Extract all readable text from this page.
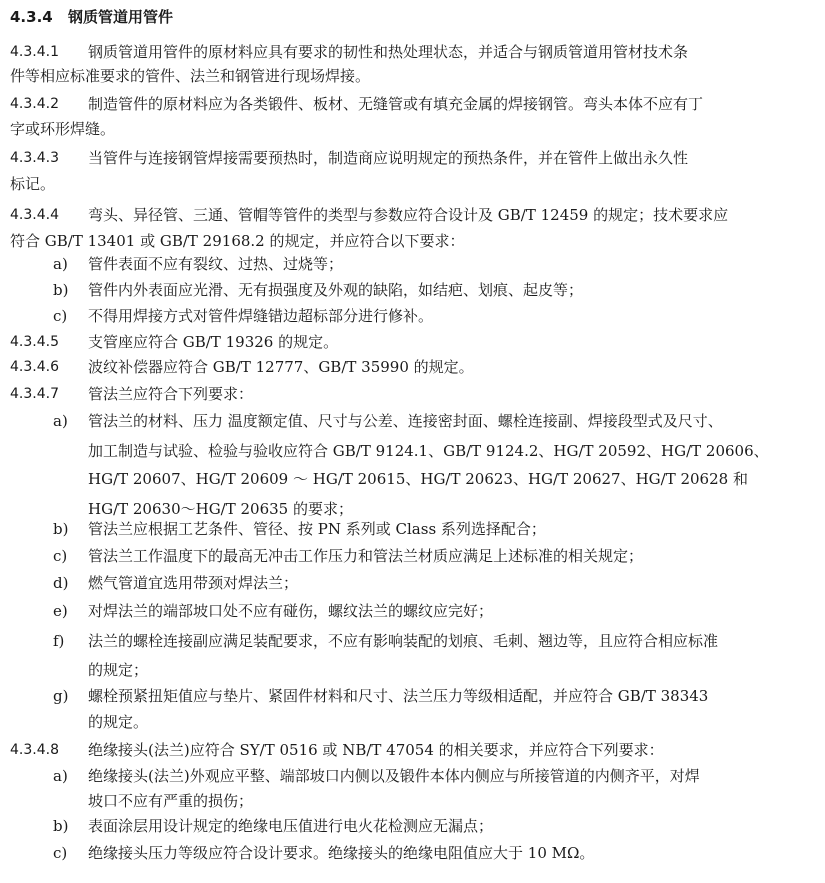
4.3.4 钢质管道用管件
4.3.4.1 钢质管道用管件的原材料应具有要求的韧性和热处理状态，并适合与钢质管道用管材技术条
件等相应标准要求的管件、法兰和钢管进行现场焊接。
4.3.4.2 制造管件的原材料应为各类锻件、板材、无缝管或有填充金属的焊接钢管。弯头本体不应有丁
字或环形焊缝。
4.3.4.3 当管件与连接钢管焊接需要预热时，制造商应说明规定的预热条件，并在管件上做出永久性
标记。
4.3.4.4 弯头、异径管、三通、管帽等管件的类型与参数应符合设计及 GB/T 12459 的规定；技术要求应
符合 GB/T 13401 或 GB/T 29168.2 的规定，并应符合以下要求：
a) 管件表面不应有裂纹、过热、过烧等；
b) 管件内外表面应光滑、无有损强度及外观的缺陷，如结疤、划痕、起皮等；
c) 不得用焊接方式对管件焊缝错边超标部分进行修补。
4.3.4.5 支管座应符合 GB/T 19326 的规定。
4.3.4.6 波纹补偿器应符合 GB/T 12777、GB/T 35990 的规定。
4.3.4.7 管法兰应符合下列要求：
a) 管法兰的材料、压力 温度额定值、尺寸与公差、连接密封面、螺栓连接副、焊接段型式及尺寸、
加工制造与试验、检验与验收应符合 GB/T 9124.1、GB/T 9124.2、HG/T 20592、HG/T 20606、
HG/T 20607、HG/T 20609 ～ HG/T 20615、HG/T 20623、HG/T 20627、HG/T 20628 和
HG/T 20630～HG/T 20635 的要求；
b) 管法兰应根据工艺条件、管径、按 PN 系列或 Class 系列选择配合；
c) 管法兰工作温度下的最高无冲击工作压力和管法兰材质应满足上述标准的相关规定；
d) 燃气管道宜选用带颈对焊法兰；
e) 对焊法兰的端部坡口处不应有碰伤，螺纹法兰的螺纹应完好；
f) 法兰的螺栓连接副应满足装配要求，不应有影响装配的划痕、毛刺、翘边等，且应符合相应标准
的规定；
g) 螺栓预紧扭矩值应与垫片、紧固件材料和尺寸、法兰压力等级相适配，并应符合 GB/T 38343
的规定。
4.3.4.8 绝缘接头(法兰)应符合 SY/T 0516 或 NB/T 47054 的相关要求，并应符合下列要求：
a) 绝缘接头(法兰)外观应平整、端部坡口内侧以及锻件本体内侧应与所接管道的内侧齐平，对焊
坡口不应有严重的损伤；
b) 表面涂层用设计规定的绝缘电压值进行电火花检测应无漏点；
c) 绝缘接头压力等级应符合设计要求。绝缘接头的绝缘电阻值应大于 10 MΩ。
